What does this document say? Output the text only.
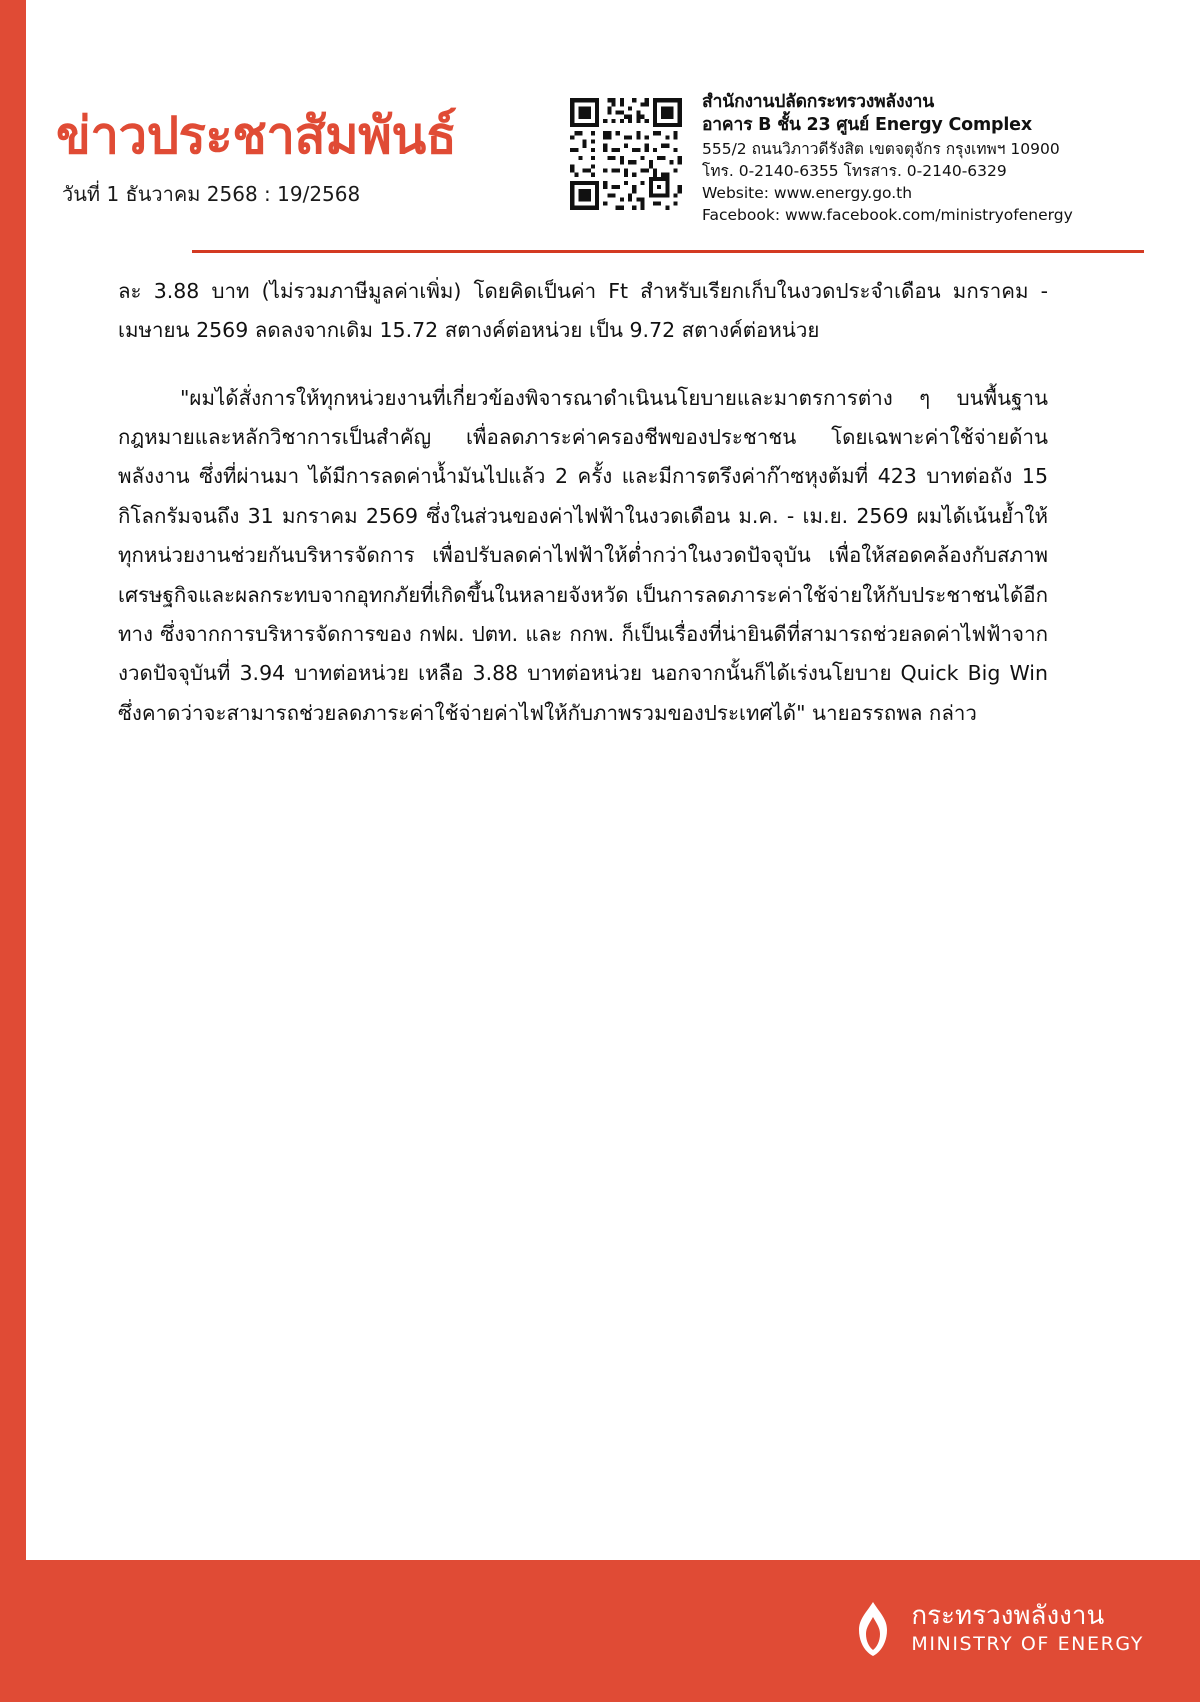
ข่าวประชาสัมพันธ์
วันที่ 1 ธันวาคม 2568 : 19/2568
สำนักงานปลัดกระทรวงพลังงาน
อาคาร B ชั้น 23 ศูนย์ Energy Complex
555/2 ถนนวิภาวดีรังสิต เขตจตุจักร กรุงเทพฯ 10900
โทร. 0-2140-6355 โทรสาร. 0-2140-6329
Website: www.energy.go.th
Facebook: www.facebook.com/ministryofenergy

ละ 3.88 บาท (ไม่รวมภาษีมูลค่าเพิ่ม) โดยคิดเป็นค่า Ft สำหรับเรียกเก็บในงวดประจำเดือน มกราคม - เมษายน 2569 ลดลงจากเดิม 15.72 สตางค์ต่อหน่วย เป็น 9.72 สตางค์ต่อหน่วย

"ผมได้สั่งการให้ทุกหน่วยงานที่เกี่ยวข้องพิจารณาดำเนินนโยบายและมาตรการต่าง ๆ บนพื้นฐานกฎหมายและหลักวิชาการเป็นสำคัญ เพื่อลดภาระค่าครองชีพของประชาชน โดยเฉพาะค่าใช้จ่ายด้านพลังงาน ซึ่งที่ผ่านมา ได้มีการลดค่าน้ำมันไปแล้ว 2 ครั้ง และมีการตรึงค่าก๊าซหุงต้มที่ 423 บาทต่อถัง 15 กิโลกรัมจนถึง 31 มกราคม 2569 ซึ่งในส่วนของค่าไฟฟ้าในงวดเดือน ม.ค. - เม.ย. 2569 ผมได้เน้นย้ำให้ทุกหน่วยงานช่วยกันบริหารจัดการ เพื่อปรับลดค่าไฟฟ้าให้ต่ำกว่าในงวดปัจจุบัน เพื่อให้สอดคล้องกับสภาพเศรษฐกิจและผลกระทบจากอุทกภัยที่เกิดขึ้นในหลายจังหวัด เป็นการลดภาระค่าใช้จ่ายให้กับประชาชนได้อีกทาง ซึ่งจากการบริหารจัดการของ กฟผ. ปตท. และ กกพ. ก็เป็นเรื่องที่น่ายินดีที่สามารถช่วยลดค่าไฟฟ้าจากงวดปัจจุบันที่ 3.94 บาทต่อหน่วย เหลือ 3.88 บาทต่อหน่วย นอกจากนั้นก็ได้เร่งนโยบาย Quick Big Win ซึ่งคาดว่าจะสามารถช่วยลดภาระค่าใช้จ่ายค่าไฟให้กับภาพรวมของประเทศได้" นายอรรถพล กล่าว

กระทรวงพลังงาน
MINISTRY OF ENERGY
